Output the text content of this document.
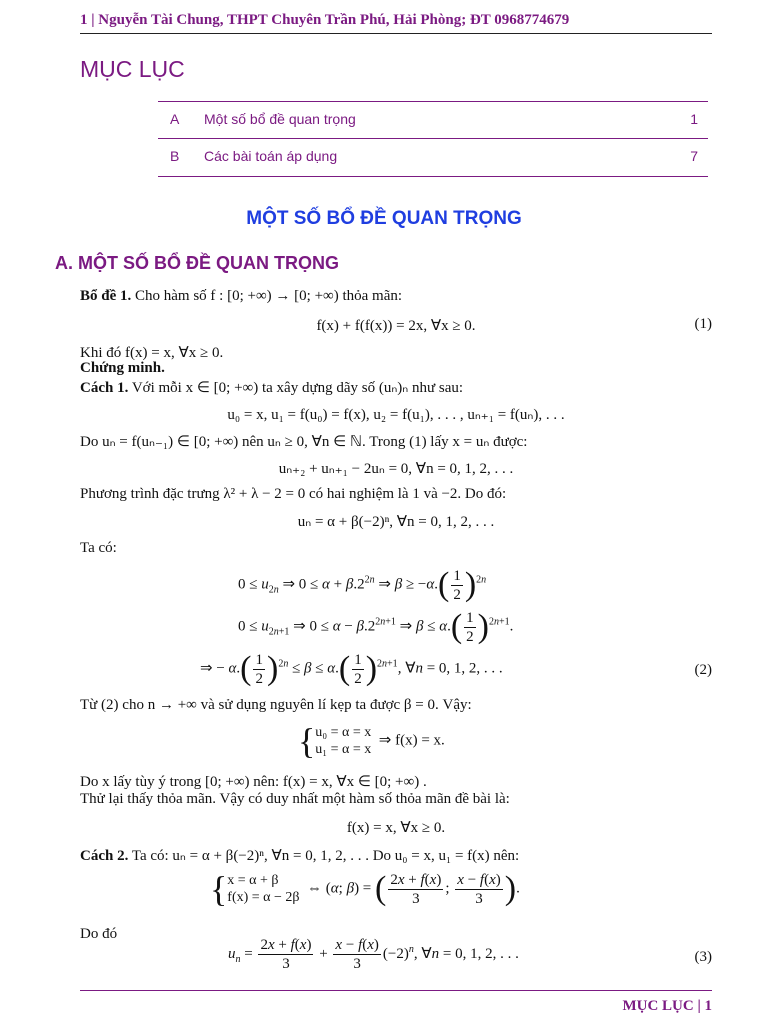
1 | Nguyễn Tài Chung, THPT Chuyên Trần Phú, Hải Phòng; ĐT 0968774679
MỤC LỤC
A Một số bổ đề quan trọng	1
B Các bài toán áp dụng	7
MỘT SỐ BỔ ĐỀ QUAN TRỌNG
A. MỘT SỐ BỔ ĐỀ QUAN TRỌNG
Bổ đề 1. Cho hàm số f : [0; +∞) → [0; +∞) thỏa mãn:
f(x) + f(f(x)) = 2x, ∀x ≥ 0.	(1)
Khi đó f(x) = x, ∀x ≥ 0.
Chứng minh.
Cách 1. Với mỗi x ∈ [0; +∞) ta xây dựng dãy số (uₙ)ₙ như sau:
u₀ = x, u₁ = f(u₀) = f(x), u₂ = f(u₁), . . . , uₙ₊₁ = f(uₙ), . . .
Do uₙ = f(uₙ₋₁) ∈ [0; +∞) nên uₙ ≥ 0, ∀n ∈ ℕ. Trong (1) lấy x = uₙ được:
uₙ₊₂ + uₙ₊₁ − 2uₙ = 0, ∀n = 0, 1, 2, . . .
Phương trình đặc trưng λ² + λ − 2 = 0 có hai nghiệm là 1 và −2. Do đó:
uₙ = α + β(−2)ⁿ, ∀n = 0, 1, 2, . . .
Ta có:
$0 \le u_{2n}$ ⇒ $0 \le \alpha + \beta.2^{2n}$ ⇒ $\beta \ge -\alpha.( \frac{1}{2} )^{2n}$
$0 \le u_{2n+1}$ ⇒ $0 \le \alpha - \beta.2^{2n+1}$ ⇒ $\beta \le \alpha.( \frac{1}{2} )^{2n+1}$.
⇒ − $\alpha.( \frac{1}{2} )^{2n} \le \beta \le \alpha.( \frac{1}{2} )^{2n+1}$, ∀n = 0, 1, 2, . . .	(2)
Từ (2) cho n → +∞ và sử dụng nguyên lí kẹp ta được β = 0. Vậy:
{u₀ = α = x
u₁ = α = x  ⇒ f(x) = x.
Do x lấy tùy ý trong [0; +∞) nên: f(x) = x, ∀x ∈ [0; +∞) .
Thử lại thấy thỏa mãn. Vậy có duy nhất một hàm số thỏa mãn đề bài là:
f(x) = x, ∀x ≥ 0.
Cách 2. Ta có: uₙ = α + β(−2)ⁿ, ∀n = 0, 1, 2, . . . Do u₀ = x, u₁ = f(x) nên:
{x = α + β
f(x) = α − 2β  ⇔ (α; β) = ( $\frac{2x + f(x)}{3}$ ; $\frac{x - f(x)}{3}$ ).
Do đó
$u_n = \frac{2x + f(x)}{3} + \frac{x - f(x)}{3} (-2)^n$, ∀n = 0, 1, 2, . . .	(3)
MỤC LỤC | 1
